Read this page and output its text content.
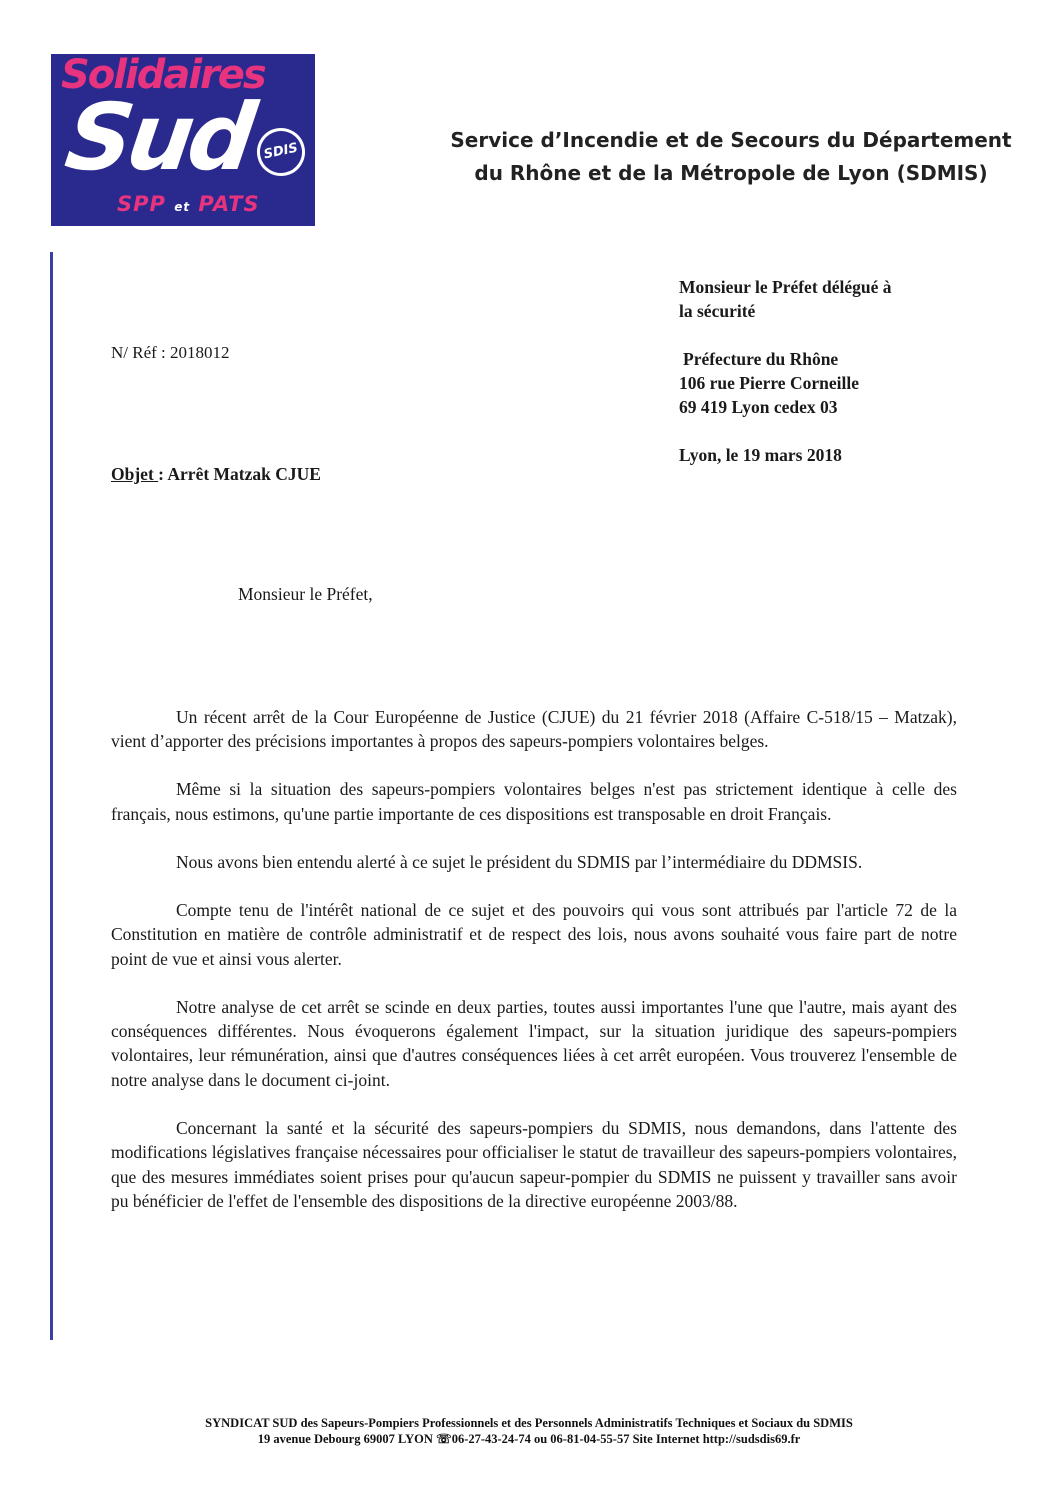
Solidaires
Sud SDIS
SPP et PATS
Service d’Incendie et de Secours du Département
du Rhône et de la Métropole de Lyon (SDMIS)
Monsieur le Préfet délégué à
la sécurité
Préfecture du Rhône
106 rue Pierre Corneille
69 419 Lyon cedex 03
Lyon, le 19 mars 2018
N/ Réf : 2018012
Objet : Arrêt Matzak CJUE
Monsieur le Préfet,

Un récent arrêt de la Cour Européenne de Justice (CJUE) du 21 février 2018 (Affaire C-518/15 – Matzak), vient d’apporter des précisions importantes à propos des sapeurs-pompiers volontaires belges.

Même si la situation des sapeurs-pompiers volontaires belges n'est pas strictement identique à celle des français, nous estimons, qu'une partie importante de ces dispositions est transposable en droit Français.

Nous avons bien entendu alerté à ce sujet le président du SDMIS par l’intermédiaire du DDMSIS.

Compte tenu de l'intérêt national de ce sujet et des pouvoirs qui vous sont attribués par l'article 72 de la Constitution en matière de contrôle administratif et de respect des lois, nous avons souhaité vous faire part de notre point de vue et ainsi vous alerter.

Notre analyse de cet arrêt se scinde en deux parties, toutes aussi importantes l'une que l'autre, mais ayant des conséquences différentes. Nous évoquerons également l'impact, sur la situation juridique des sapeurs-pompiers volontaires, leur rémunération, ainsi que d'autres conséquences liées à cet arrêt européen. Vous trouverez l'ensemble de notre analyse dans le document ci-joint.

Concernant la santé et la sécurité des sapeurs-pompiers du SDMIS, nous demandons, dans l'attente des modifications législatives française nécessaires pour officialiser le statut de travailleur des sapeurs-pompiers volontaires, que des mesures immédiates soient prises pour qu'aucun sapeur-pompier du SDMIS ne puissent y travailler sans avoir pu bénéficier de l'effet de l'ensemble des dispositions de la directive européenne 2003/88.

SYNDICAT SUD des Sapeurs-Pompiers Professionnels et des Personnels Administratifs Techniques et Sociaux du SDMIS
19 avenue Debourg 69007 LYON ☏06-27-43-24-74 ou 06-81-04-55-57 Site Internet http://sudsdis69.fr
